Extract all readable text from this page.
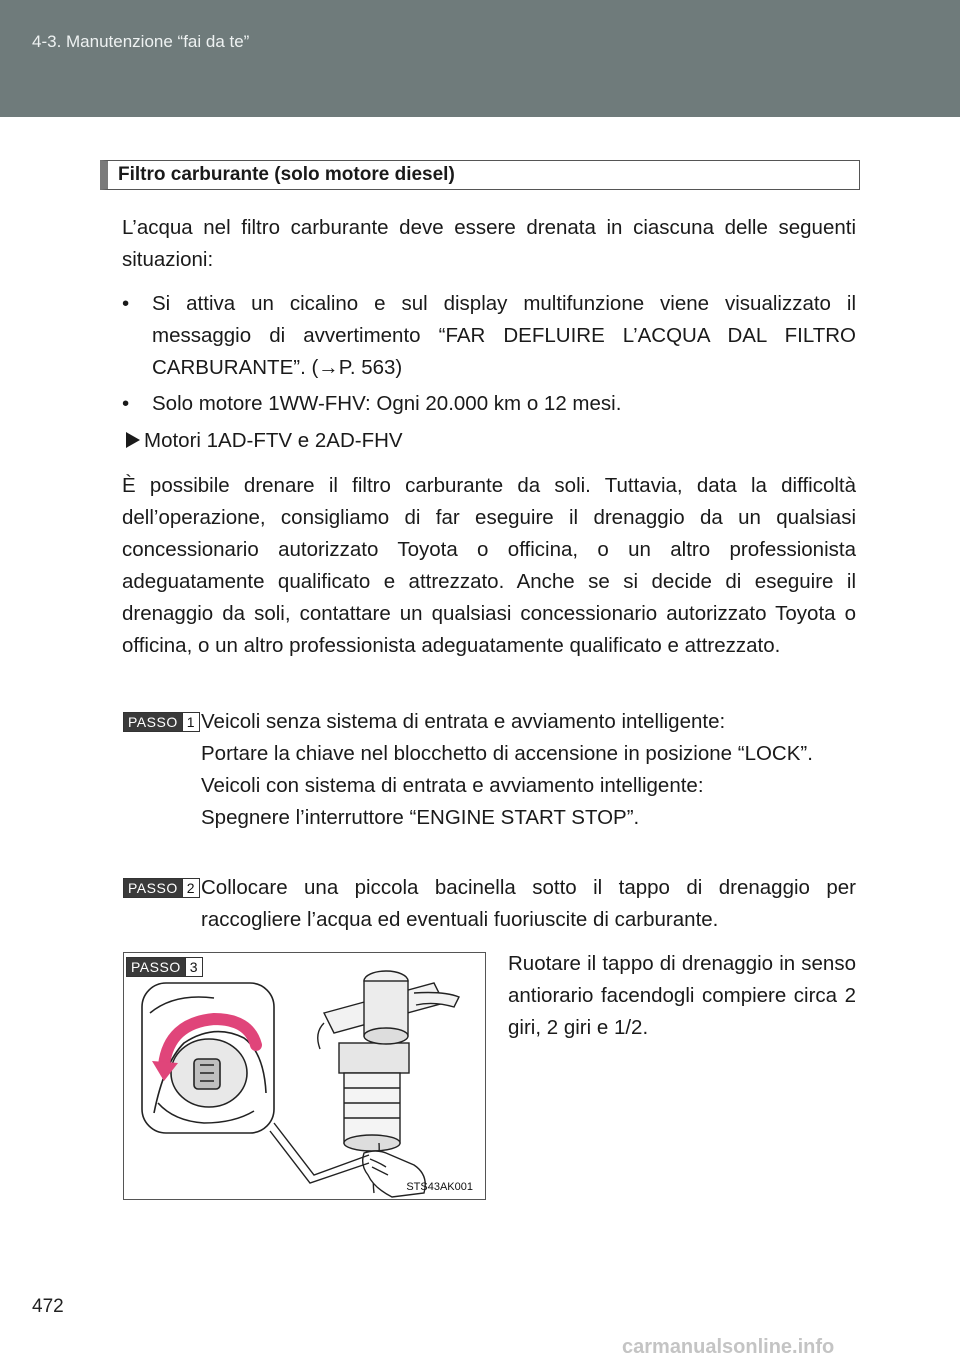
4-3. Manutenzione “fai da te”
Filtro carburante (solo motore diesel)

L’acqua nel filtro carburante deve essere drenata in ciascuna delle seguenti situazioni:

• Si attiva un cicalino e sul display multifunzione viene visualizzato il messaggio di avvertimento “FAR DEFLUIRE L’ACQUA DAL FILTRO CARBURANTE”. (→P. 563)
• Solo motore 1WW-FHV: Ogni 20.000 km o 12 mesi.
Motori 1AD-FTV e 2AD-FHV

È possibile drenare il filtro carburante da soli. Tuttavia, data la difficoltà dell’operazione, consigliamo di far eseguire il drenaggio da un qualsiasi concessionario autorizzato Toyota o officina, o un altro professionista adeguatamente qualificato e attrezzato. Anche se si decide di eseguire il drenaggio da soli, contattare un qualsiasi concessionario autorizzato Toyota o officina, o un altro professionista adeguatamente qualificato e attrezzato.

PASSO 1 Veicoli senza sistema di entrata e avviamento intelligente:

Portare la chiave nel blocchetto di accensione in posizione “LOCK”.

Veicoli con sistema di entrata e avviamento intelligente:

Spegnere l’interruttore “ENGINE START STOP”.

PASSO 2 Collocare una piccola bacinella sotto il tappo di drenaggio per raccogliere l’acqua ed eventuali fuoriuscite di carburante.

PASSO 3
STS43AK001
Ruotare il tappo di drenaggio in senso antiorario facendogli compiere circa 2 giri, 2 giri e 1/2.
472
carmanualsonline.info
